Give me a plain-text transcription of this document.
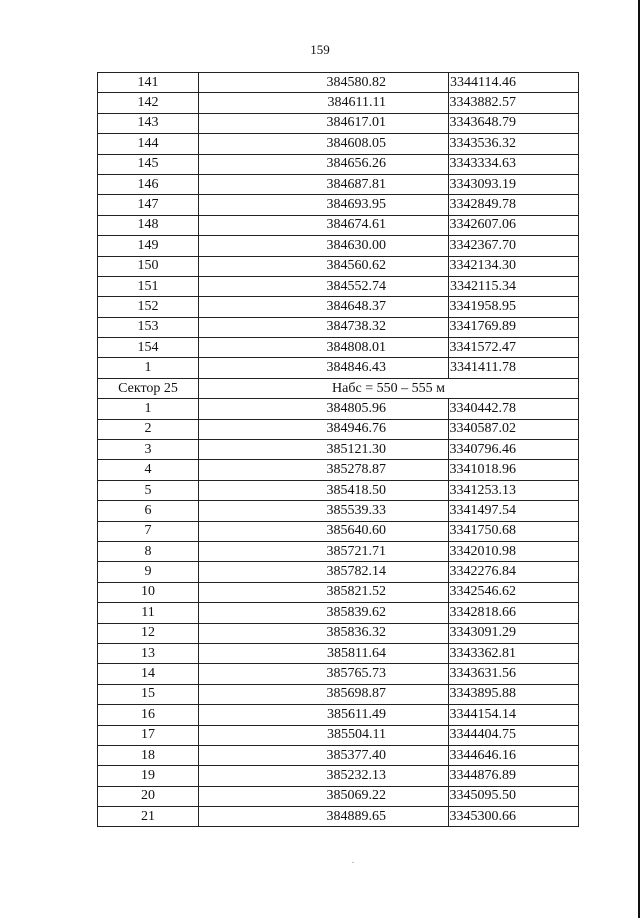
159
141	384580.82	3344114.46
142	384611.11	3343882.57
143	384617.01	3343648.79
144	384608.05	3343536.32
145	384656.26	3343334.63
146	384687.81	3343093.19
147	384693.95	3342849.78
148	384674.61	3342607.06
149	384630.00	3342367.70
150	384560.62	3342134.30
151	384552.74	3342115.34
152	384648.37	3341958.95
153	384738.32	3341769.89
154	384808.01	3341572.47
1	384846.43	3341411.78
Сектор 25	Набс = 550 – 555 м	
1	384805.96	3340442.78
2	384946.76	3340587.02
3	385121.30	3340796.46
4	385278.87	3341018.96
5	385418.50	3341253.13
6	385539.33	3341497.54
7	385640.60	3341750.68
8	385721.71	3342010.98
9	385782.14	3342276.84
10	385821.52	3342546.62
11	385839.62	3342818.66
12	385836.32	3343091.29
13	385811.64	3343362.81
14	385765.73	3343631.56
15	385698.87	3343895.88
16	385611.49	3344154.14
17	385504.11	3344404.75
18	385377.40	3344646.16
19	385232.13	3344876.89
20	385069.22	3345095.50
21	384889.65	3345300.66
